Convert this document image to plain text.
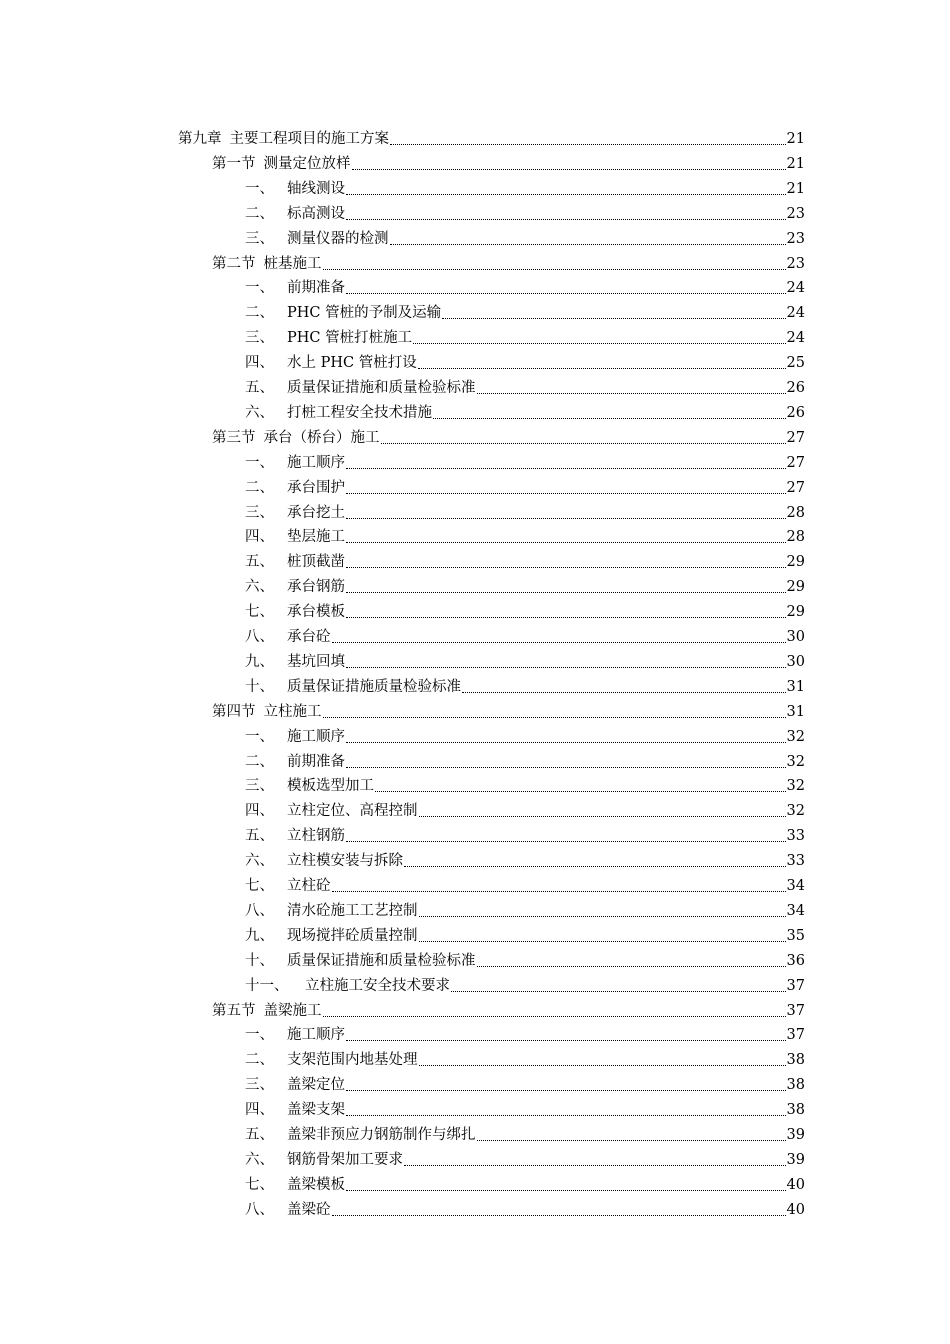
第九章 主要工程项目的施工方案	21
第一节 测量定位放样	21
一、 轴线测设	21
二、 标高测设	23
三、 测量仪器的检测	23
第二节 桩基施工	23
一、 前期准备	24
二、 PHC 管桩的予制及运输	24
三、 PHC 管桩打桩施工	24
四、 水上 PHC 管桩打设	25
五、 质量保证措施和质量检验标准	26
六、 打桩工程安全技术措施	26
第三节 承台（桥台）施工	27
一、 施工顺序	27
二、 承台围护	27
三、 承台挖土	28
四、 垫层施工	28
五、 桩顶截凿	29
六、 承台钢筋	29
七、 承台模板	29
八、 承台砼	30
九、 基坑回填	30
十、 质量保证措施质量检验标准	31
第四节 立柱施工	31
一、 施工顺序	32
二、 前期准备	32
三、 模板选型加工	32
四、 立柱定位、高程控制	32
五、 立柱钢筋	33
六、 立柱模安装与拆除	33
七、 立柱砼	34
八、 清水砼施工工艺控制	34
九、 现场搅拌砼质量控制	35
十、 质量保证措施和质量检验标准	36
十一、	立柱施工安全技术要求	37
第五节 盖梁施工	37
一、 施工顺序	37
二、 支架范围内地基处理	38
三、 盖梁定位	38
四、 盖梁支架	38
五、 盖梁非预应力钢筋制作与绑扎	39
六、 钢筋骨架加工要求	39
七、 盖梁模板	40
八、 盖梁砼	40
